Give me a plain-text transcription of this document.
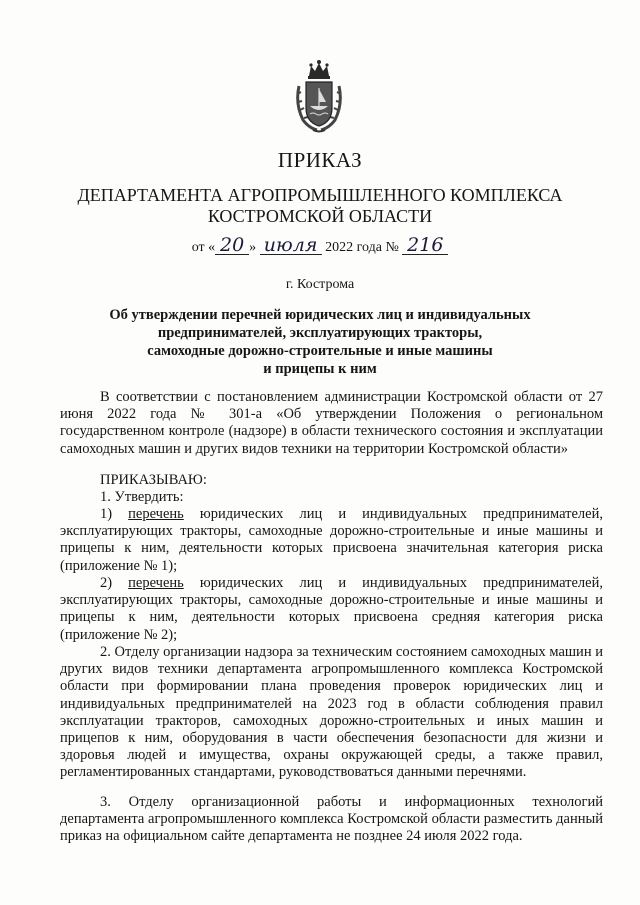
ПРИКАЗ
ДЕПАРТАМЕНТА АГРОПРОМЫШЛЕННОГО КОМПЛЕКСА
КОСТРОМСКОЙ ОБЛАСТИ
от « 20 » июля 2022 года № 216
г. Кострома
Об утверждении перечней юридических лиц и индивидуальных
предпринимателей, эксплуатирующих тракторы,
самоходные дорожно-строительные и иные машины
и прицепы к ним

В соответствии с постановлением администрации Костромской области от 27 июня 2022 года № 301-а «Об утверждении Положения о региональном государственном контроле (надзоре) в области технического состояния и эксплуатации самоходных машин и других видов техники на территории Костромской области»

ПРИКАЗЫВАЮ:

1. Утвердить:

1) перечень юридических лиц и индивидуальных предпринимателей, эксплуатирующих тракторы, самоходные дорожно-строительные и иные машины и прицепы к ним, деятельности которых присвоена значительная категория риска (приложение № 1);

2) перечень юридических лиц и индивидуальных предпринимателей, эксплуатирующих тракторы, самоходные дорожно-строительные и иные машины и прицепы к ним, деятельности которых присвоена средняя категория риска (приложение № 2);

2. Отделу организации надзора за техническим состоянием самоходных машин и других видов техники департамента агропромышленного комплекса Костромской области при формировании плана проведения проверок юридических лиц и индивидуальных предпринимателей на 2023 год в области соблюдения правил эксплуатации тракторов, самоходных дорожно-строительных и иных машин и прицепов к ним, оборудования в части обеспечения безопасности для жизни и здоровья людей и имущества, охраны окружающей среды, а также правил, регламентированных стандартами, руководствоваться данными перечнями.

3. Отделу организационной работы и информационных технологий департамента агропромышленного комплекса Костромской области разместить данный приказ на официальном сайте департамента не позднее 24 июля 2022 года.
